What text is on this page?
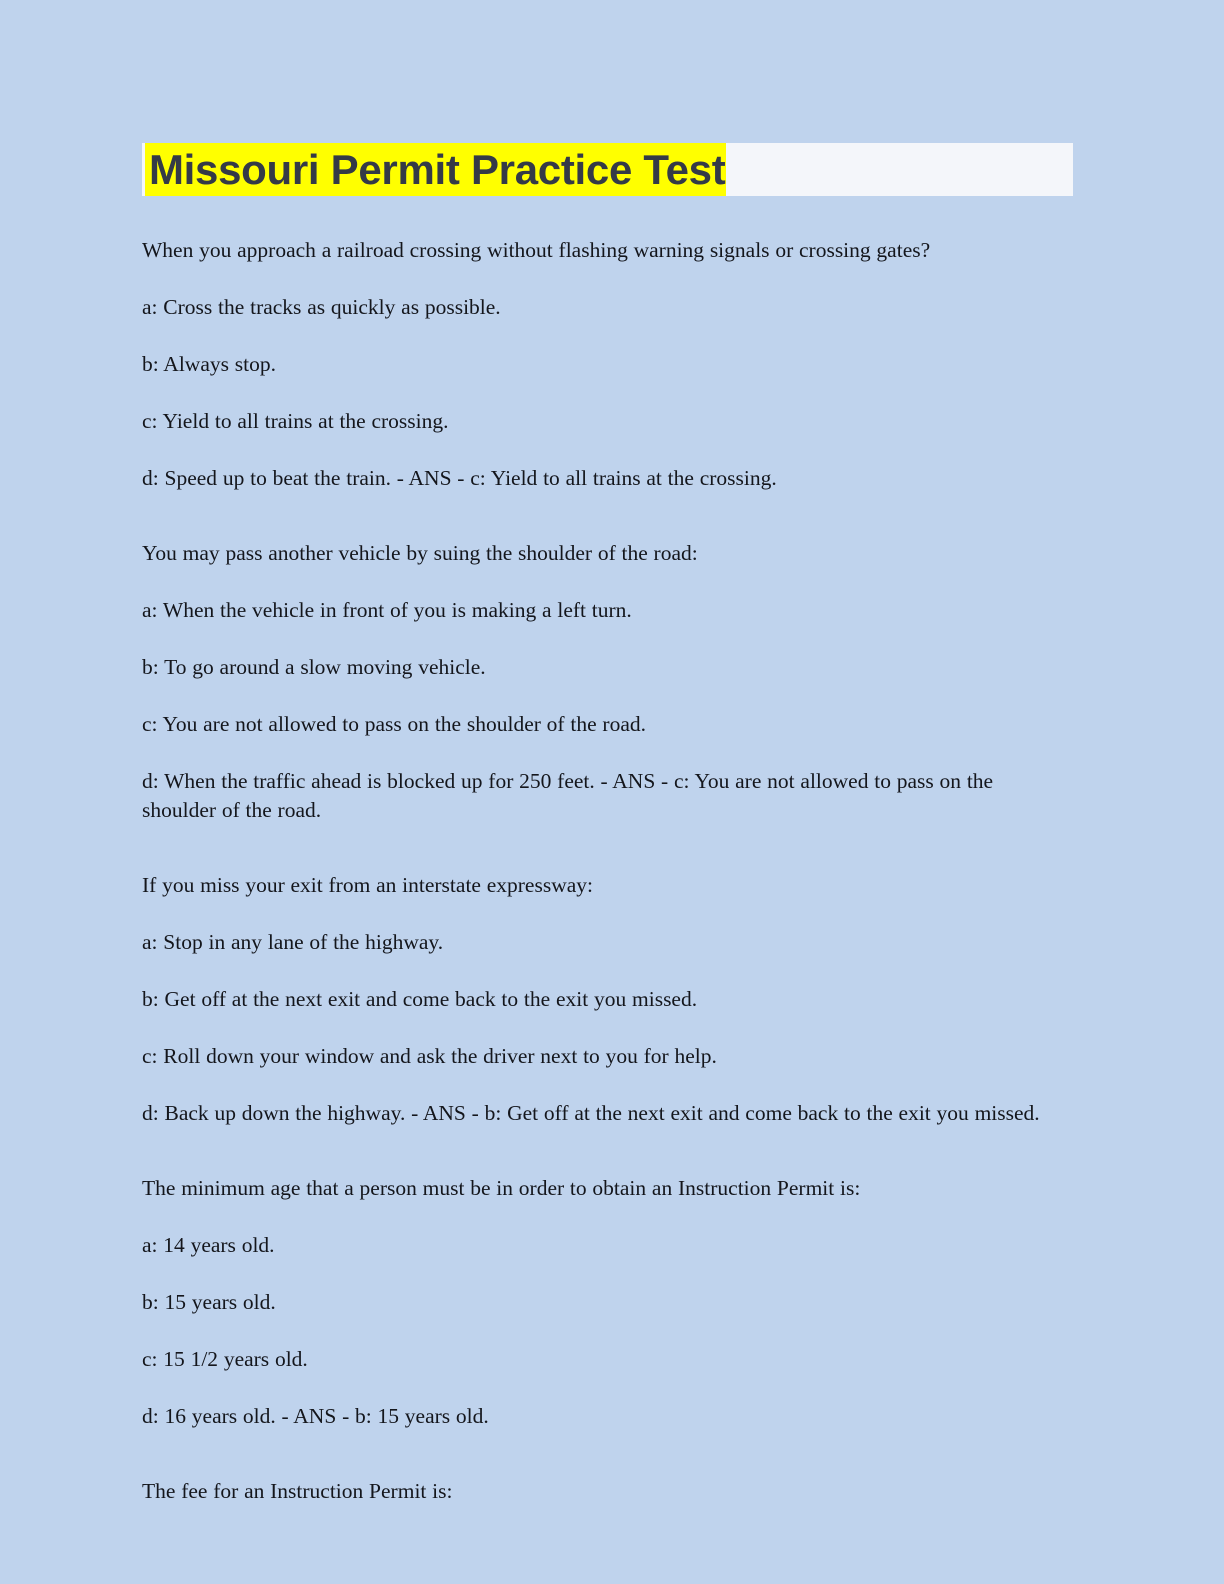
Missouri Permit Practice Test

When you approach a railroad crossing without flashing warning signals or crossing gates?

a: Cross the tracks as quickly as possible.

b: Always stop.

c: Yield to all trains at the crossing.

d: Speed up to beat the train. - ANS - c: Yield to all trains at the crossing.

You may pass another vehicle by suing the shoulder of the road:

a: When the vehicle in front of you is making a left turn.

b: To go around a slow moving vehicle.

c: You are not allowed to pass on the shoulder of the road.

d: When the traffic ahead is blocked up for 250 feet. - ANS - c: You are not allowed to pass on the shoulder of the road.

If you miss your exit from an interstate expressway:

a: Stop in any lane of the highway.

b: Get off at the next exit and come back to the exit you missed.

c: Roll down your window and ask the driver next to you for help.

d: Back up down the highway. - ANS - b: Get off at the next exit and come back to the exit you missed.

The minimum age that a person must be in order to obtain an Instruction Permit is:

a: 14 years old.

b: 15 years old.

c: 15 1/2 years old.

d: 16 years old. - ANS - b: 15 years old.

The fee for an Instruction Permit is:
